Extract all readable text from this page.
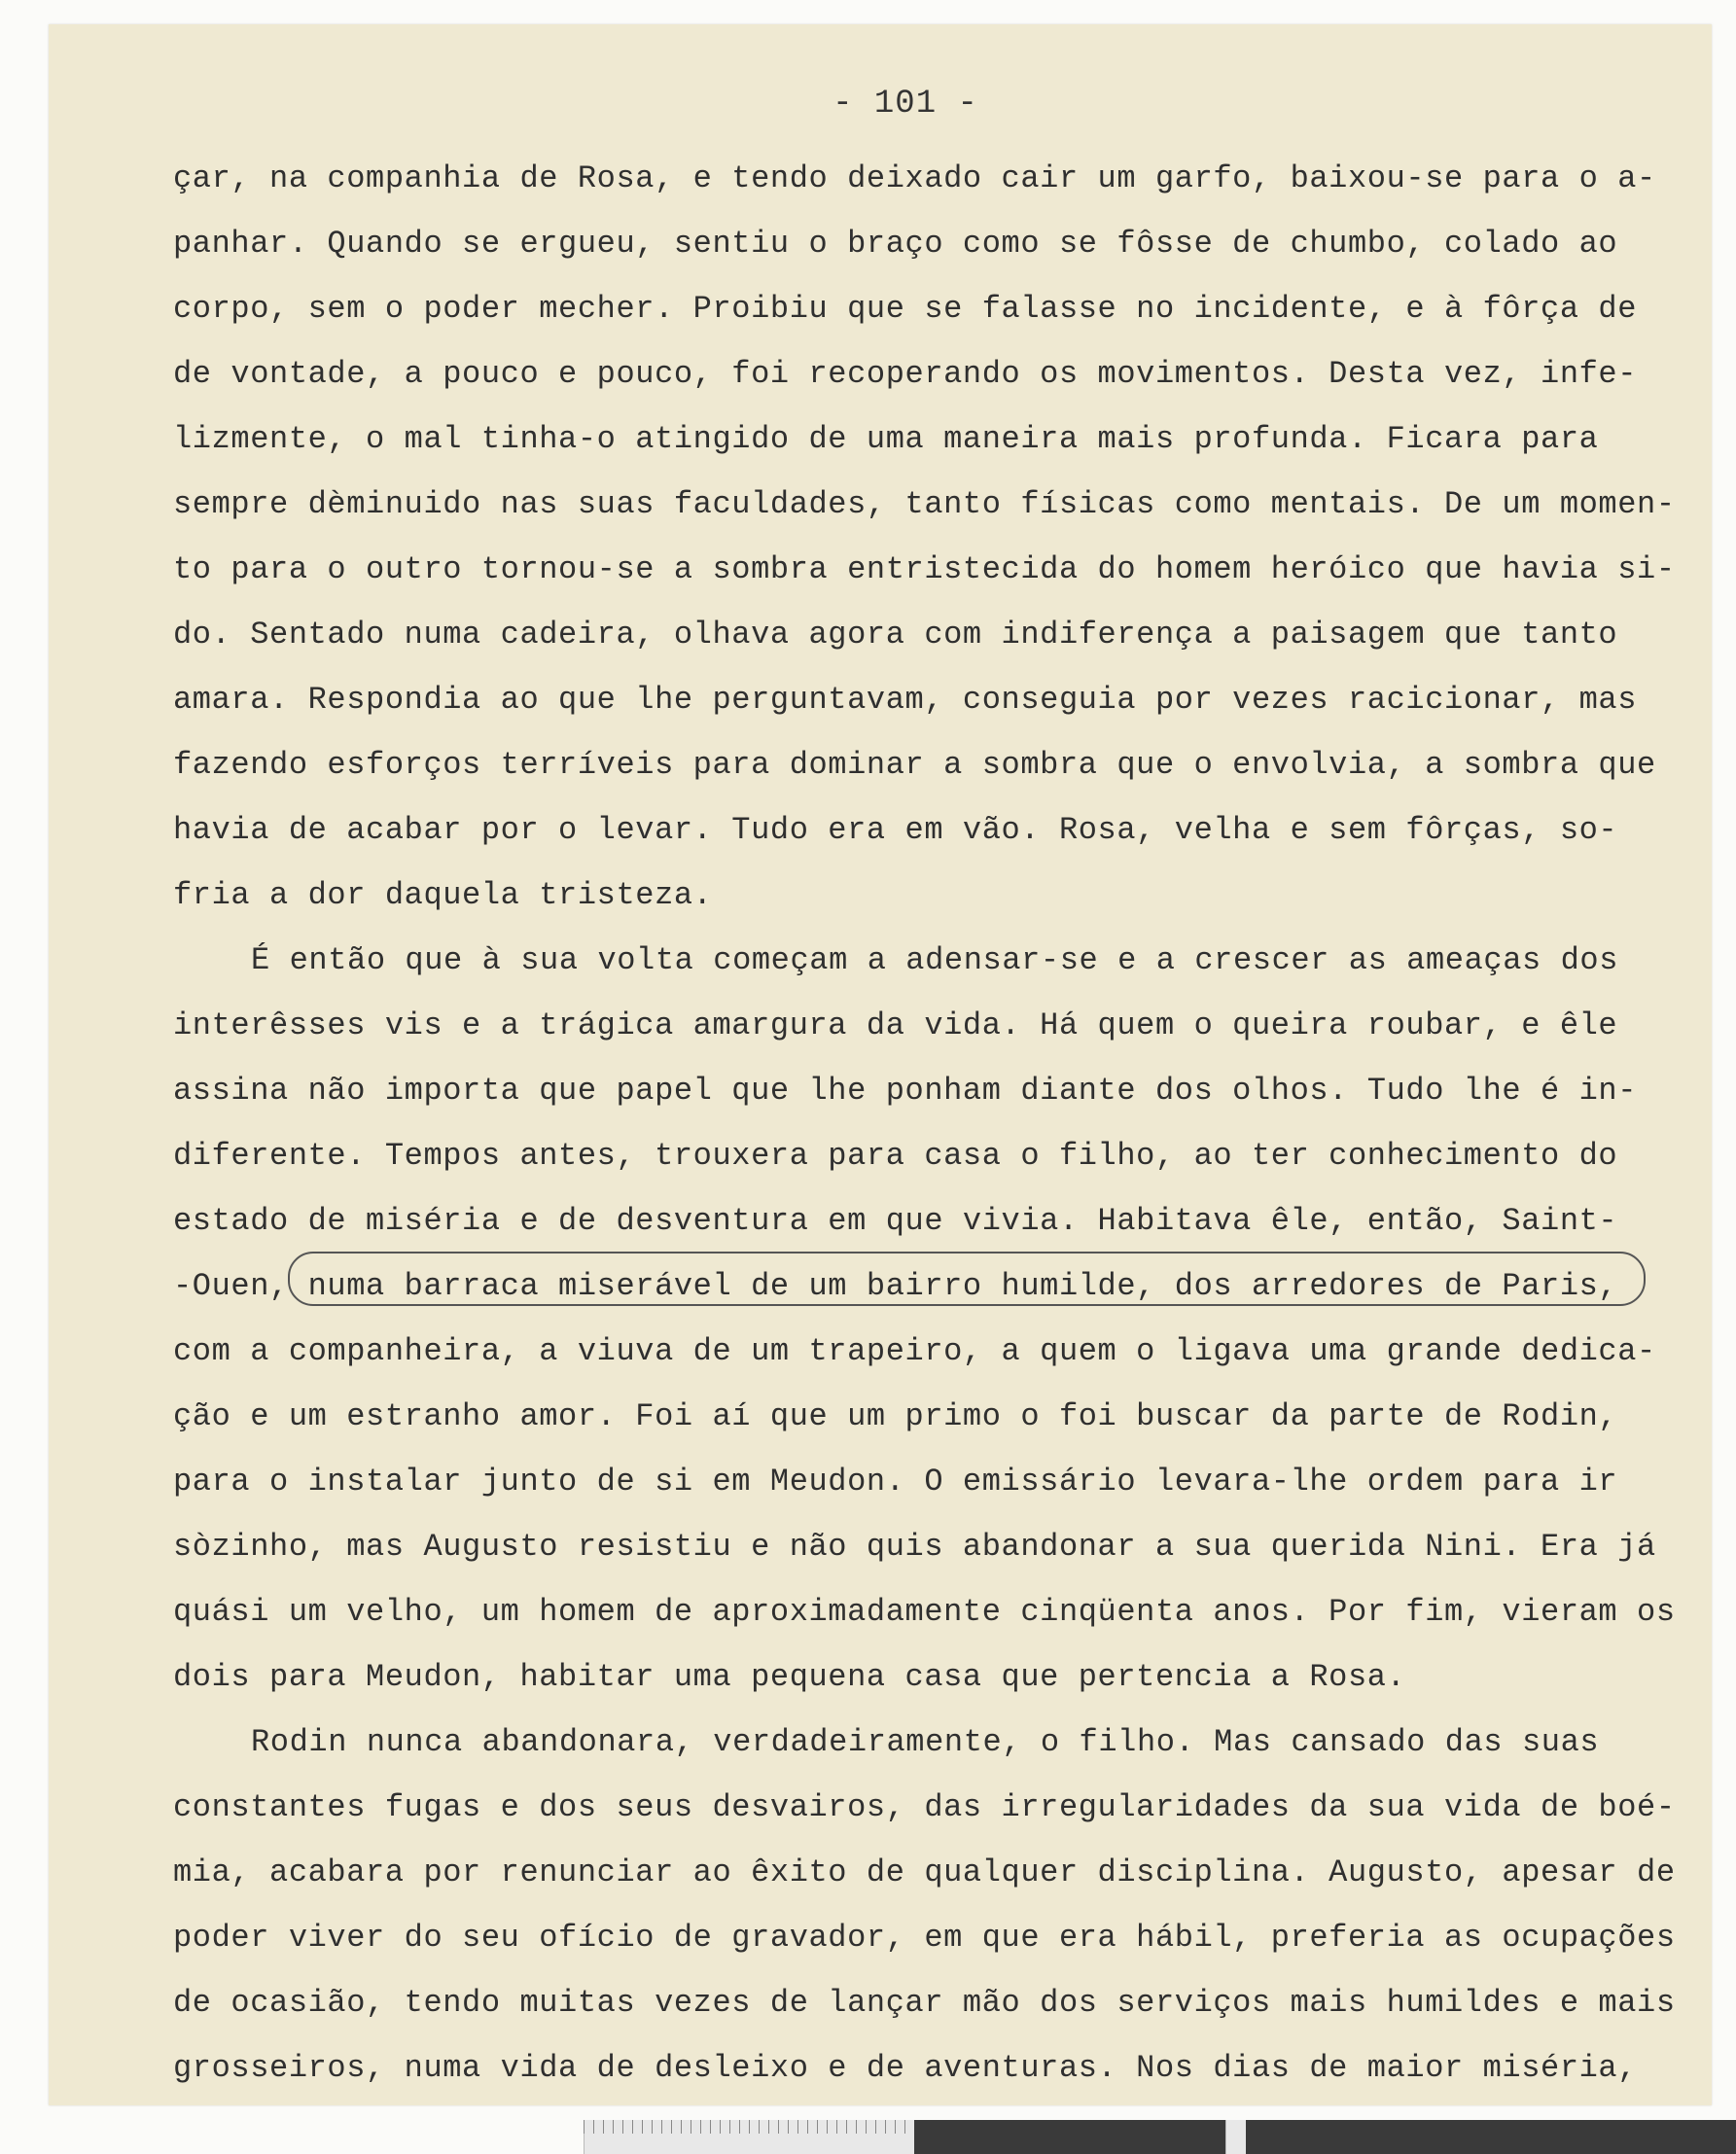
- 101 -
çar, na companhia de Rosa, e tendo deixado cair um garfo, baixou-se para o a-
panhar. Quando se ergueu, sentiu o braço como se fôsse de chumbo, colado ao
corpo, sem o poder mecher. Proibiu que se falasse no incidente, e à fôrça de
de vontade, a pouco e pouco, foi recoperando os movimentos. Desta vez, infe-
lizmente, o mal tinha-o atingido de uma maneira mais profunda. Ficara para
sempre dèminuido nas suas faculdades, tanto físicas como mentais. De um momen-
to para o outro tornou-se a sombra entristecida do homem heróico que havia si-
do. Sentado numa cadeira, olhava agora com indiferença a paisagem que tanto
amara. Respondia ao que lhe perguntavam, conseguia por vezes racicionar, mas
fazendo esforços terríveis para dominar a sombra que o envolvia, a sombra que
havia de acabar por o levar. Tudo era em vão. Rosa, velha e sem fôrças, so-
fria a dor daquela tristeza.
É então que à sua volta começam a adensar-se e a crescer as ameaças dos
interêsses vis e a trágica amargura da vida. Há quem o queira roubar, e êle
assina não importa que papel que lhe ponham diante dos olhos. Tudo lhe é in-
diferente. Tempos antes, trouxera para casa o filho, ao ter conhecimento do
estado de miséria e de desventura em que vivia. Habitava êle, então, Saint-
-Ouen, numa barraca miserável de um bairro humilde, dos arredores de Paris,
com a companheira, a viuva de um trapeiro, a quem o ligava uma grande dedica-
ção e um estranho amor. Foi aí que um primo o foi buscar da parte de Rodin,
para o instalar junto de si em Meudon. O emissário levara-lhe ordem para ir
sòzinho, mas Augusto resistiu e não quis abandonar a sua querida Nini. Era já
quási um velho, um homem de aproximadamente cinqüenta anos. Por fim, vieram os
dois para Meudon, habitar uma pequena casa que pertencia a Rosa.
Rodin nunca abandonara, verdadeiramente, o filho. Mas cansado das suas
constantes fugas e dos seus desvairos, das irregularidades da sua vida de boé-
mia, acabara por renunciar ao êxito de qualquer disciplina. Augusto, apesar de
poder viver do seu ofício de gravador, em que era hábil, preferia as ocupações
de ocasião, tendo muitas vezes de lançar mão dos serviços mais humildes e mais
grosseiros, numa vida de desleixo e de aventuras. Nos dias de maior miséria,
